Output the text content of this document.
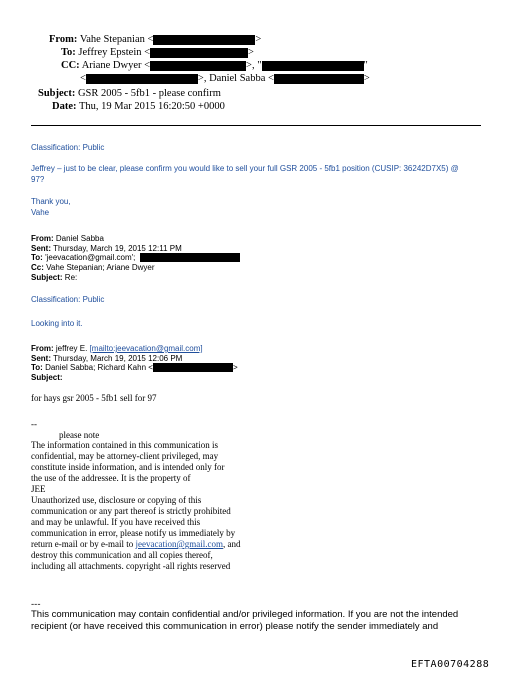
From: Vahe Stepanian <	>
To: Jeffrey Epstein <	>
CC: Ariane Dwyer <	>, "	"
<	>, Daniel Sabba <	>
Subject: GSR 2005 - 5fb1 - please confirm
Date: Thu, 19 Mar 2015 16:20:50 +0000
Classification: Public
Jeffrey – just to be clear, please confirm you would like to sell your full GSR 2005 - 5fb1 position (CUSIP: 36242D7X5) @
97?
Thank you,
Vahe
From: Daniel Sabba
Sent: Thursday, March 19, 2015 12:11 PM
To: 'jeevacation@gmail.com';
Cc: Vahe Stepanian; Ariane Dwyer
Subject: Re:
Classification: Public
Looking into it.
From: jeffrey E. [mailto:jeevacation@gmail.com]
Sent: Thursday, March 19, 2015 12:06 PM
To: Daniel Sabba; Richard Kahn <	>
Subject:
for hays gsr 2005 - 5fb1 sell for 97
--
please note
The information contained in this communication is
confidential, may be attorney-client privileged, may
constitute inside information, and is intended only for
the use of the addressee. It is the property of
JEE
Unauthorized use, disclosure or copying of this
communication or any part thereof is strictly prohibited
and may be unlawful. If you have received this
communication in error, please notify us immediately by
return e-mail or by e-mail to jeevacation@gmail.com, and
destroy this communication and all copies thereof,
including all attachments. copyright -all rights reserved
---
This communication may contain confidential and/or privileged information. If you are not the intended
recipient (or have received this communication in error) please notify the sender immediately and
EFTA00704288
